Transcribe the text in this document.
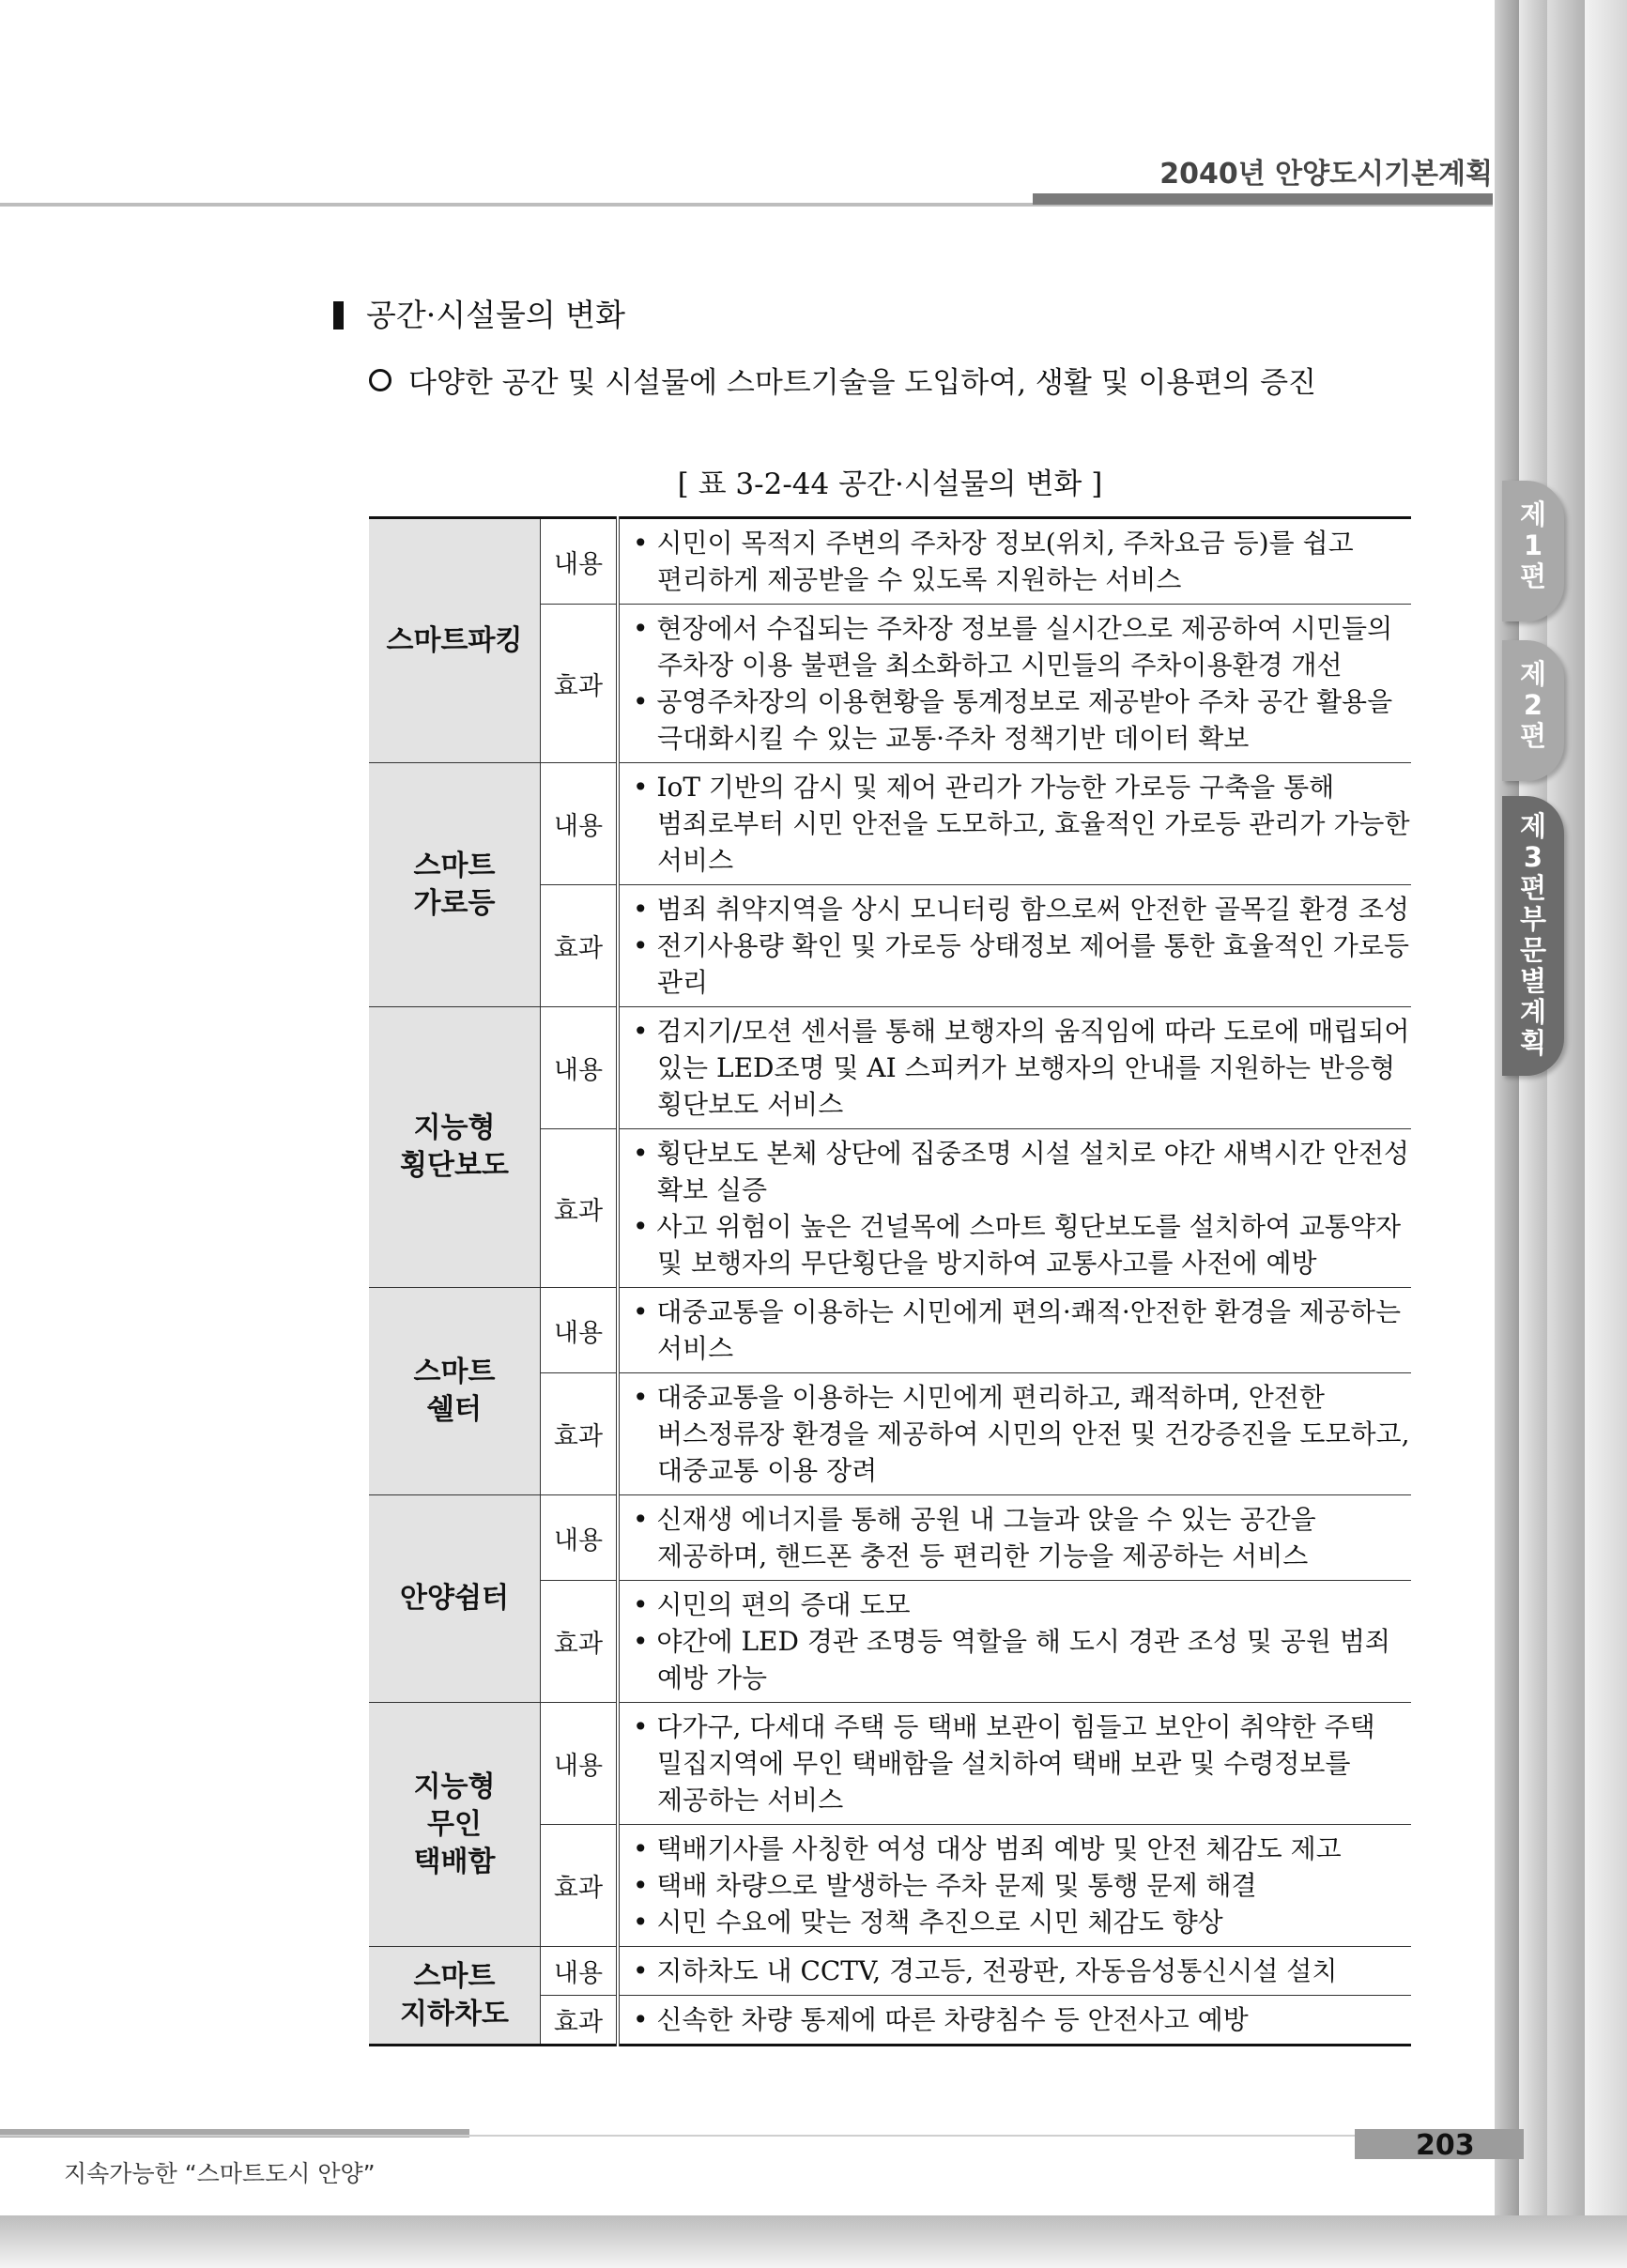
2040년 안양도시기본계획
공간·시설물의 변화
다양한 공간 및 시설물에 스마트기술을 도입하여, 생활 및 이용편의 증진
[ 표 3-2-44 공간·시설물의 변화 ]
스마트파킹	내용	• 시민이 목적지 주변의 주차장 정보(위치, 주차요금 등)를 쉽고
편리하게 제공받을 수 있도록 지원하는 서비스

	효과	• 현장에서 수집되는 주차장 정보를 실시간으로 제공하여 시민들의
주차장 이용 불편을 최소화하고 시민들의 주차이용환경 개선
• 공영주차장의 이용현황을 통계정보로 제공받아 주차 공간 활용을
극대화시킬 수 있는 교통·주차 정책기반 데이터 확보

스마트
가로등	내용	• IoT 기반의 감시 및 제어 관리가 가능한 가로등 구축을 통해
범죄로부터 시민 안전을 도모하고, 효율적인 가로등 관리가 가능한
서비스

	효과	• 범죄 취약지역을 상시 모니터링 함으로써 안전한 골목길 환경 조성
• 전기사용량 확인 및 가로등 상태정보 제어를 통한 효율적인 가로등
관리

지능형
횡단보도	내용	• 검지기/모션 센서를 통해 보행자의 움직임에 따라 도로에 매립되어
있는 LED조명 및 AI 스피커가 보행자의 안내를 지원하는 반응형
횡단보도 서비스

	효과	• 횡단보도 본체 상단에 집중조명 시설 설치로 야간 새벽시간 안전성
확보 실증
• 사고 위험이 높은 건널목에 스마트 횡단보도를 설치하여 교통약자
및 보행자의 무단횡단을 방지하여 교통사고를 사전에 예방

스마트
쉘터	내용	• 대중교통을 이용하는 시민에게 편의·쾌적·안전한 환경을 제공하는
서비스

	효과	• 대중교통을 이용하는 시민에게 편리하고, 쾌적하며, 안전한
버스정류장 환경을 제공하여 시민의 안전 및 건강증진을 도모하고,
대중교통 이용 장려

안양쉼터	내용	• 신재생 에너지를 통해 공원 내 그늘과 앉을 수 있는 공간을
제공하며, 핸드폰 충전 등 편리한 기능을 제공하는 서비스

	효과	• 시민의 편의 증대 도모
• 야간에 LED 경관 조명등 역할을 해 도시 경관 조성 및 공원 범죄
예방 가능

지능형
무인
택배함	내용	• 다가구, 다세대 주택 등 택배 보관이 힘들고 보안이 취약한 주택
밀집지역에 무인 택배함을 설치하여 택배 보관 및 수령정보를
제공하는 서비스

	효과	• 택배기사를 사칭한 여성 대상 범죄 예방 및 안전 체감도 제고
• 택배 차량으로 발생하는 주차 문제 및 통행 문제 해결
• 시민 수요에 맞는 정책 추진으로 시민 체감도 향상

스마트
지하차도	내용	• 지하차도 내 CCTV, 경고등, 전광판, 자동음성통신시설 설치

	효과	• 신속한 차량 통제에 따른 차량침수 등 안전사고 예방
제
1
편
제
2
편
제
3
편
부
문
별
계
획
지속가능한 “스마트도시 안양”
203
